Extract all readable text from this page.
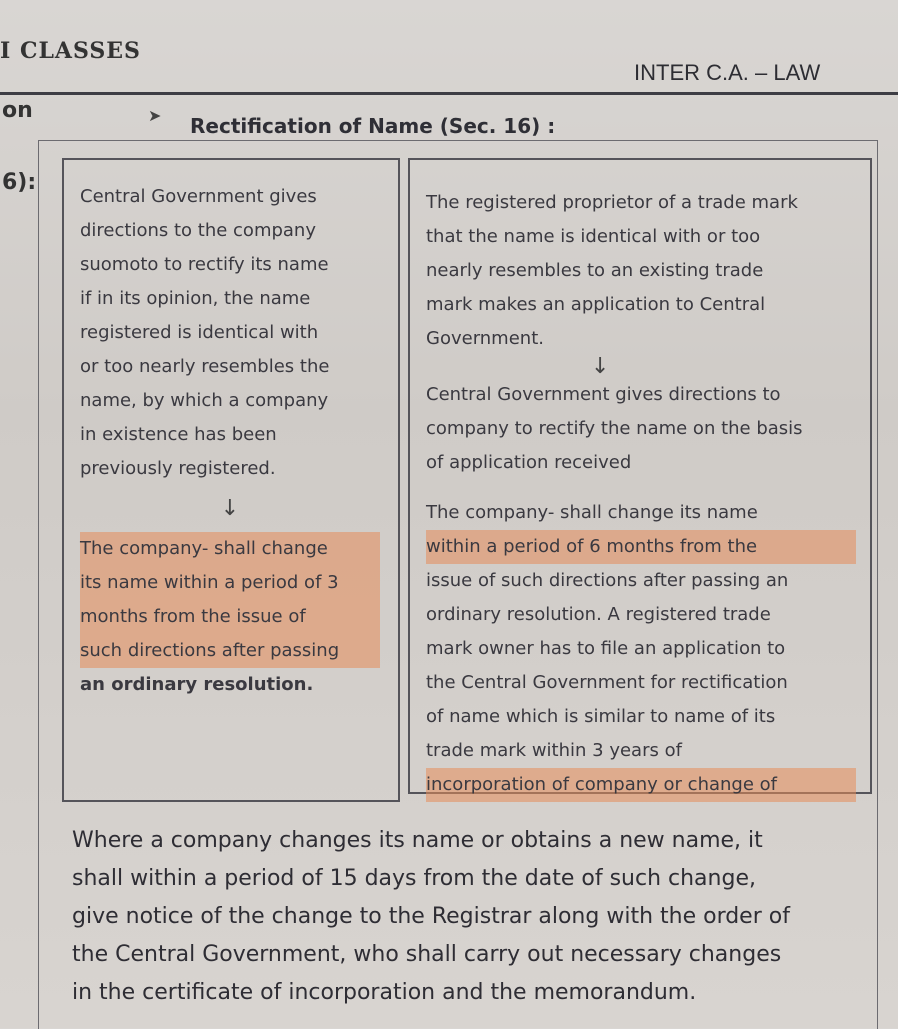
I CLASSES
INTER C.A. – LAW
on
6):
➤ Rectification of Name (Sec. 16) :
Central Government gives
directions to the company
suomoto to rectify its name
if in its opinion, the name
registered is identical with
or too nearly resembles the
name, by which a company
in existence has been
previously registered.
↓
The company- shall change
its name within a period of 3
months from the issue of
such directions after passing
an ordinary resolution.
The registered proprietor of a trade mark
that the name is identical with or too
nearly resembles to an existing trade
mark makes an application to Central
Government.
↓
Central Government gives directions to
company to rectify the name on the basis
of application received
The company- shall change its name
within a period of 6 months from the
issue of such directions after passing an
ordinary resolution. A registered trade
mark owner has to file an application to
the Central Government for rectification
of name which is similar to name of its
trade mark within 3 years of
incorporation of company or change of
Where a company changes its name or obtains a new name, it
shall within a period of 15 days from the date of such change,
give notice of the change to the Registrar along with the order of
the Central Government, who shall carry out necessary changes
in the certificate of incorporation and the memorandum.
